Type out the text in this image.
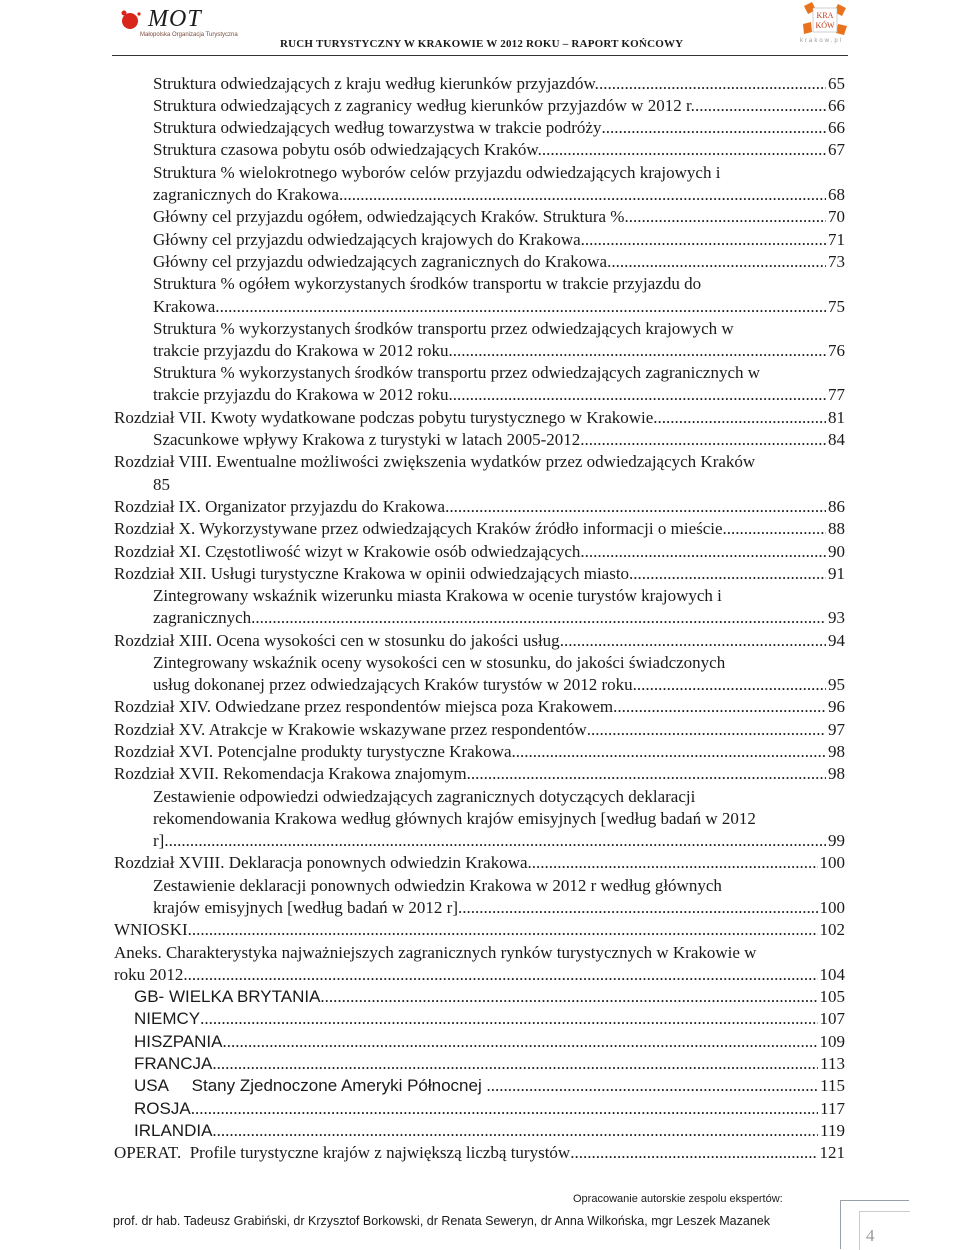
MOT
Małopolska Organizacja Turystyczna
RUCH TURYSTYCZNY W KRAKOWIE W 2012 ROKU – RAPORT KOŃCOWY
KRA
KÓW
krakow.pl
Struktura odwiedzających z kraju według kierunków przyjazdów. .....	65
Struktura odwiedzających z zagranicy według kierunków przyjazdów w 2012 r. .....	66
Struktura odwiedzających według towarzystwa w trakcie podróży .....	66
Struktura czasowa pobytu osób odwiedzających Kraków. .....	67
Struktura % wielokrotnego wyborów celów przyjazdu odwiedzających krajowych i
zagranicznych do Krakowa. .....	68
Główny cel przyjazdu ogółem, odwiedzających Kraków. Struktura % .....	70
Główny cel przyjazdu odwiedzających krajowych do Krakowa. .....	71
Główny cel przyjazdu odwiedzających zagranicznych do Krakowa. .....	73
Struktura % ogółem wykorzystanych środków transportu w trakcie przyjazdu do
Krakowa. .....	75
Struktura % wykorzystanych środków transportu przez odwiedzających krajowych w
trakcie przyjazdu do Krakowa w 2012 roku .....	76
Struktura % wykorzystanych środków transportu przez odwiedzających zagranicznych w
trakcie przyjazdu do Krakowa w 2012 roku. .....	77
Rozdział VII. Kwoty wydatkowane podczas pobytu turystycznego w Krakowie .....	81
Szacunkowe wpływy Krakowa z turystyki w latach 2005-2012 .....	84
Rozdział VIII. Ewentualne możliwości zwiększenia wydatków przez odwiedzających Kraków
85
Rozdział IX. Organizator przyjazdu do Krakowa .....	86
Rozdział X. Wykorzystywane przez odwiedzających Kraków źródło informacji o mieście .....	88
Rozdział XI. Częstotliwość wizyt w Krakowie osób odwiedzających .....	90
Rozdział XII. Usługi turystyczne Krakowa w opinii odwiedzających miasto .....	91
Zintegrowany wskaźnik wizerunku miasta Krakowa w ocenie turystów krajowych i
zagranicznych. .....	93
Rozdział XIII. Ocena wysokości cen w stosunku do jakości usług .....	94
Zintegrowany wskaźnik oceny wysokości cen w stosunku, do jakości świadczonych
usług dokonanej przez odwiedzających Kraków turystów w 2012 roku .....	95
Rozdział XIV. Odwiedzane przez respondentów miejsca poza Krakowem .....	96
Rozdział XV. Atrakcje w Krakowie wskazywane przez respondentów .....	97
Rozdział XVI. Potencjalne produkty turystyczne Krakowa .....	98
Rozdział XVII. Rekomendacja Krakowa znajomym .....	98
Zestawienie odpowiedzi odwiedzających zagranicznych dotyczących deklaracji
rekomendowania Krakowa według głównych krajów emisyjnych [według badań w 2012
r]. .....	99
Rozdział XVIII. Deklaracja ponownych odwiedzin Krakowa. .....	100
Zestawienie deklaracji ponownych odwiedzin Krakowa w 2012 r według głównych
krajów emisyjnych [według badań w 2012 r]. .....	100
WNIOSKI .....	102
Aneks. Charakterystyka najważniejszych zagranicznych rynków turystycznych w Krakowie w
roku 2012 .....	104
GB- WIELKA BRYTANIA .....	105
NIEMCY .....	107
HISZPANIA .....	109
FRANCJA .....	113
USA     Stany Zjednoczone Ameryki Północnej .....	115
ROSJA .....	117
IRLANDIA .....	119
OPERAT.  Profile turystyczne krajów z największą liczbą turystów .....	121
Opracowanie autorskie zespolu ekspertów:
prof. dr hab. Tadeusz Grabiński, dr Krzysztof Borkowski, dr Renata Seweryn, dr Anna Wilkońska, mgr Leszek Mazanek
4
